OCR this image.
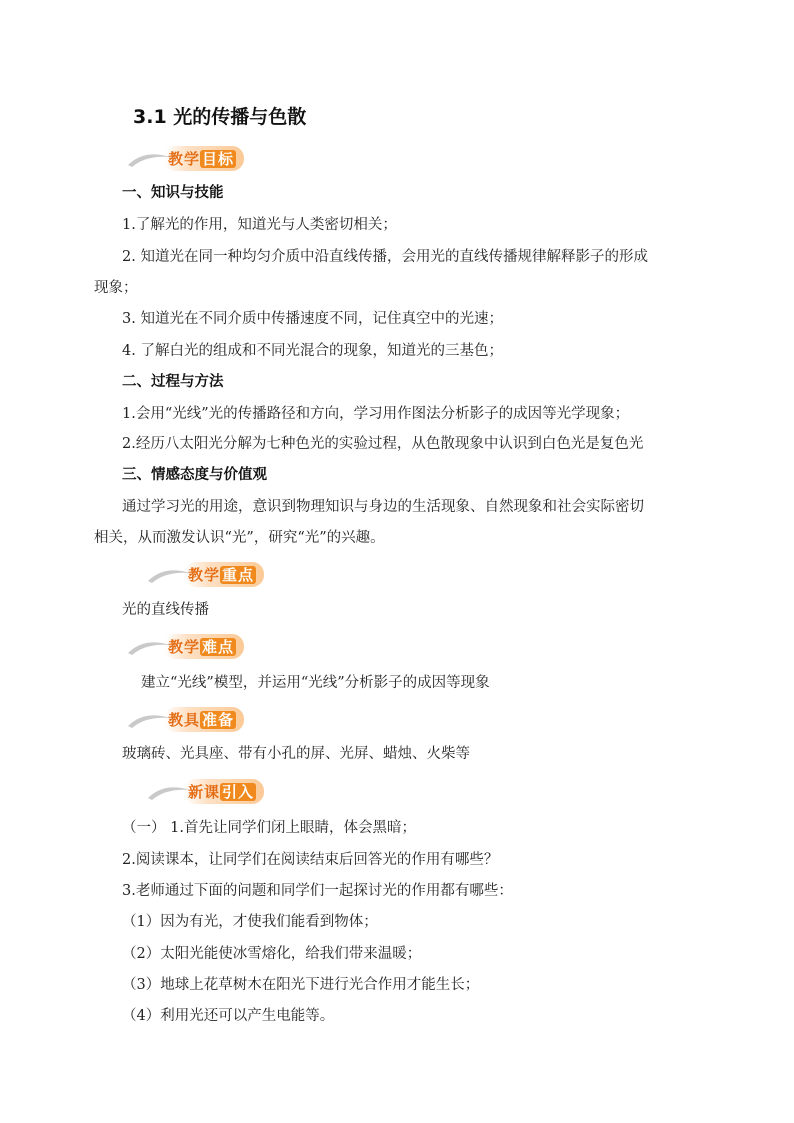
3.1 光的传播与色散
教学 目标
一、知识与技能
1.了解光的作用，知道光与人类密切相关；
2. 知道光在同一种均匀介质中沿直线传播，会用光的直线传播规律解释影子的形成
现象；
3. 知道光在不同介质中传播速度不同，记住真空中的光速；
4. 了解白光的组成和不同光混合的现象，知道光的三基色；
二、过程与方法
1.会用“光线”光的传播路径和方向，学习用作图法分析影子的成因等光学现象；
2.经历八太阳光分解为七种色光的实验过程，从色散现象中认识到白色光是复色光
三、情感态度与价值观
通过学习光的用途，意识到物理知识与身边的生活现象、自然现象和社会实际密切
相关，从而激发认识“光”，研究“光”的兴趣。
教学 重点
光的直线传播
教学 难点
建立“光线”模型，并运用“光线”分析影子的成因等现象
教具 准备
玻璃砖、光具座、带有小孔的屏、光屏、蜡烛、火柴等
新课 引入
（一） 1.首先让同学们闭上眼睛，体会黑暗；
2.阅读课本，让同学们在阅读结束后回答光的作用有哪些？
3.老师通过下面的问题和同学们一起探讨光的作用都有哪些：
（1）因为有光，才使我们能看到物体；
（2）太阳光能使冰雪熔化，给我们带来温暖；
（3）地球上花草树木在阳光下进行光合作用才能生长；
（4）利用光还可以产生电能等。
